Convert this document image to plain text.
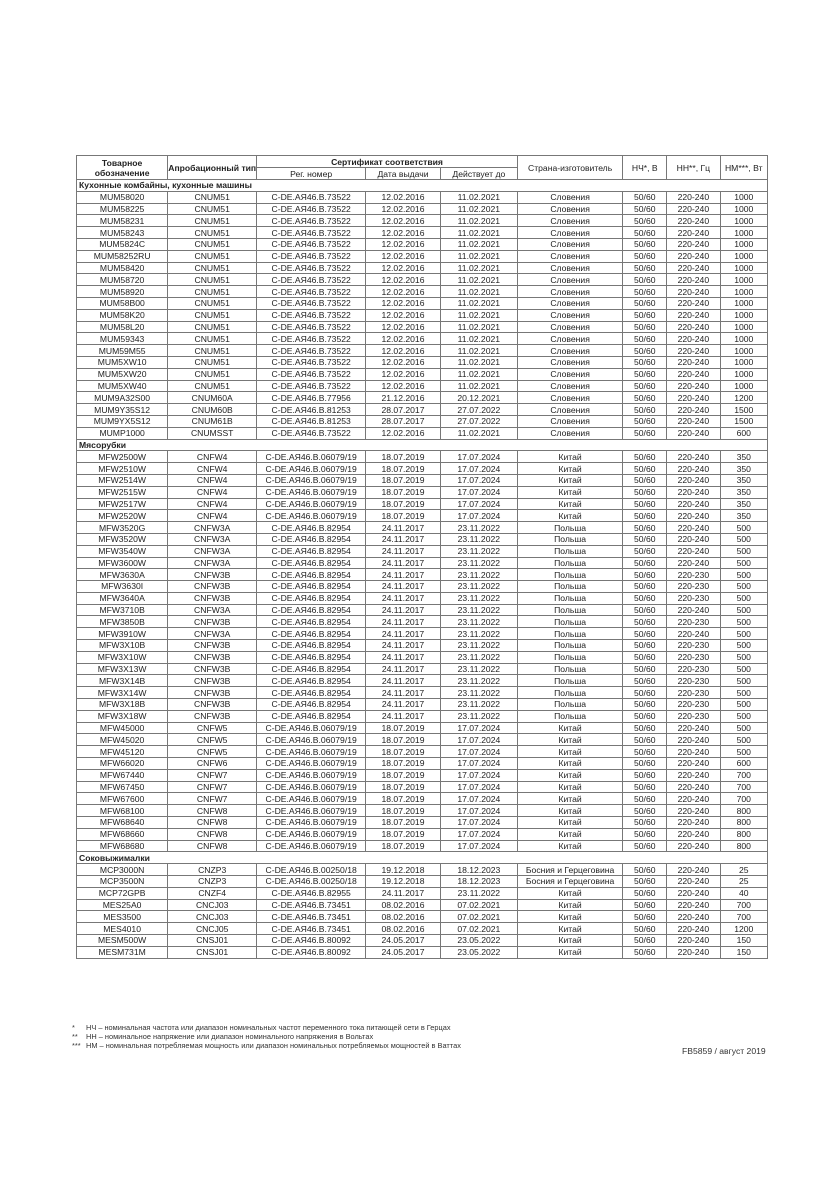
Товарное обозначение	Апробационный тип	Сертификат соответствия			Страна-изготовитель	НЧ*, В	НН**, Гц	НМ***, Вт
		Рег. номер	Дата выдачи	Действует до				
Кухонные комбайны, кухонные машины								
MUM58020	CNUM51	C-DE.AЯ46.B.73522	12.02.2016	11.02.2021	Словения	50/60	220-240	1000
MUM58225	CNUM51	C-DE.AЯ46.B.73522	12.02.2016	11.02.2021	Словения	50/60	220-240	1000
MUM58231	CNUM51	C-DE.AЯ46.B.73522	12.02.2016	11.02.2021	Словения	50/60	220-240	1000
MUM58243	CNUM51	C-DE.AЯ46.B.73522	12.02.2016	11.02.2021	Словения	50/60	220-240	1000
MUM5824C	CNUM51	C-DE.AЯ46.B.73522	12.02.2016	11.02.2021	Словения	50/60	220-240	1000
MUM58252RU	CNUM51	C-DE.AЯ46.B.73522	12.02.2016	11.02.2021	Словения	50/60	220-240	1000
MUM58420	CNUM51	C-DE.AЯ46.B.73522	12.02.2016	11.02.2021	Словения	50/60	220-240	1000
MUM58720	CNUM51	C-DE.AЯ46.B.73522	12.02.2016	11.02.2021	Словения	50/60	220-240	1000
MUM58920	CNUM51	C-DE.AЯ46.B.73522	12.02.2016	11.02.2021	Словения	50/60	220-240	1000
MUM58B00	CNUM51	C-DE.AЯ46.B.73522	12.02.2016	11.02.2021	Словения	50/60	220-240	1000
MUM58K20	CNUM51	C-DE.AЯ46.B.73522	12.02.2016	11.02.2021	Словения	50/60	220-240	1000
MUM58L20	CNUM51	C-DE.AЯ46.B.73522	12.02.2016	11.02.2021	Словения	50/60	220-240	1000
MUM59343	CNUM51	C-DE.AЯ46.B.73522	12.02.2016	11.02.2021	Словения	50/60	220-240	1000
MUM59M55	CNUM51	C-DE.AЯ46.B.73522	12.02.2016	11.02.2021	Словения	50/60	220-240	1000
MUM5XW10	CNUM51	C-DE.AЯ46.B.73522	12.02.2016	11.02.2021	Словения	50/60	220-240	1000
MUM5XW20	CNUM51	C-DE.AЯ46.B.73522	12.02.2016	11.02.2021	Словения	50/60	220-240	1000
MUM5XW40	CNUM51	C-DE.AЯ46.B.73522	12.02.2016	11.02.2021	Словения	50/60	220-240	1000
MUM9A32S00	CNUM60A	C-DE.AЯ46.B.77956	21.12.2016	20.12.2021	Словения	50/60	220-240	1200
MUM9Y35S12	CNUM60B	C-DE.AЯ46.B.81253	28.07.2017	27.07.2022	Словения	50/60	220-240	1500
MUM9YX5S12	CNUM61B	C-DE.AЯ46.B.81253	28.07.2017	27.07.2022	Словения	50/60	220-240	1500
MUMP1000	CNUMSST	C-DE.AЯ46.B.73522	12.02.2016	11.02.2021	Словения	50/60	220-240	600
Мясорубки								
MFW2500W	CNFW4	C-DE.AЯ46.B.06079/19	18.07.2019	17.07.2024	Китай	50/60	220-240	350
MFW2510W	CNFW4	C-DE.AЯ46.B.06079/19	18.07.2019	17.07.2024	Китай	50/60	220-240	350
MFW2514W	CNFW4	C-DE.AЯ46.B.06079/19	18.07.2019	17.07.2024	Китай	50/60	220-240	350
MFW2515W	CNFW4	C-DE.AЯ46.B.06079/19	18.07.2019	17.07.2024	Китай	50/60	220-240	350
MFW2517W	CNFW4	C-DE.AЯ46.B.06079/19	18.07.2019	17.07.2024	Китай	50/60	220-240	350
MFW2520W	CNFW4	C-DE.AЯ46.B.06079/19	18.07.2019	17.07.2024	Китай	50/60	220-240	350
MFW3520G	CNFW3A	C-DE.AЯ46.B.82954	24.11.2017	23.11.2022	Польша	50/60	220-240	500
MFW3520W	CNFW3A	C-DE.AЯ46.B.82954	24.11.2017	23.11.2022	Польша	50/60	220-240	500
MFW3540W	CNFW3A	C-DE.AЯ46.B.82954	24.11.2017	23.11.2022	Польша	50/60	220-240	500
MFW3600W	CNFW3A	C-DE.AЯ46.B.82954	24.11.2017	23.11.2022	Польша	50/60	220-240	500
MFW3630A	CNFW3B	C-DE.AЯ46.B.82954	24.11.2017	23.11.2022	Польша	50/60	220-230	500
MFW3630I	CNFW3B	C-DE.AЯ46.B.82954	24.11.2017	23.11.2022	Польша	50/60	220-230	500
MFW3640A	CNFW3B	C-DE.AЯ46.B.82954	24.11.2017	23.11.2022	Польша	50/60	220-230	500
MFW3710B	CNFW3A	C-DE.AЯ46.B.82954	24.11.2017	23.11.2022	Польша	50/60	220-240	500
MFW3850B	CNFW3B	C-DE.AЯ46.B.82954	24.11.2017	23.11.2022	Польша	50/60	220-230	500
MFW3910W	CNFW3A	C-DE.AЯ46.B.82954	24.11.2017	23.11.2022	Польша	50/60	220-240	500
MFW3X10B	CNFW3B	C-DE.AЯ46.B.82954	24.11.2017	23.11.2022	Польша	50/60	220-230	500
MFW3X10W	CNFW3B	C-DE.AЯ46.B.82954	24.11.2017	23.11.2022	Польша	50/60	220-230	500
MFW3X13W	CNFW3B	C-DE.AЯ46.B.82954	24.11.2017	23.11.2022	Польша	50/60	220-230	500
MFW3X14B	CNFW3B	C-DE.AЯ46.B.82954	24.11.2017	23.11.2022	Польша	50/60	220-230	500
MFW3X14W	CNFW3B	C-DE.AЯ46.B.82954	24.11.2017	23.11.2022	Польша	50/60	220-230	500
MFW3X18B	CNFW3B	C-DE.AЯ46.B.82954	24.11.2017	23.11.2022	Польша	50/60	220-230	500
MFW3X18W	CNFW3B	C-DE.AЯ46.B.82954	24.11.2017	23.11.2022	Польша	50/60	220-230	500
MFW45000	CNFW5	C-DE.AЯ46.B.06079/19	18.07.2019	17.07.2024	Китай	50/60	220-240	500
MFW45020	CNFW5	C-DE.AЯ46.B.06079/19	18.07.2019	17.07.2024	Китай	50/60	220-240	500
MFW45120	CNFW5	C-DE.AЯ46.B.06079/19	18.07.2019	17.07.2024	Китай	50/60	220-240	500
MFW66020	CNFW6	C-DE.AЯ46.B.06079/19	18.07.2019	17.07.2024	Китай	50/60	220-240	600
MFW67440	CNFW7	C-DE.AЯ46.B.06079/19	18.07.2019	17.07.2024	Китай	50/60	220-240	700
MFW67450	CNFW7	C-DE.AЯ46.B.06079/19	18.07.2019	17.07.2024	Китай	50/60	220-240	700
MFW67600	CNFW7	C-DE.AЯ46.B.06079/19	18.07.2019	17.07.2024	Китай	50/60	220-240	700
MFW68100	CNFW8	C-DE.AЯ46.B.06079/19	18.07.2019	17.07.2024	Китай	50/60	220-240	800
MFW68640	CNFW8	C-DE.AЯ46.B.06079/19	18.07.2019	17.07.2024	Китай	50/60	220-240	800
MFW68660	CNFW8	C-DE.AЯ46.B.06079/19	18.07.2019	17.07.2024	Китай	50/60	220-240	800
MFW68680	CNFW8	C-DE.AЯ46.B.06079/19	18.07.2019	17.07.2024	Китай	50/60	220-240	800
Соковыжималки								
MCP3000N	CNZP3	C-DE.AЯ46.B.00250/18	19.12.2018	18.12.2023	Босния и Герцеговина	50/60	220-240	25
MCP3500N	CNZP3	C-DE.AЯ46.B.00250/18	19.12.2018	18.12.2023	Босния и Герцеговина	50/60	220-240	25
MCP72GPB	CNZF4	C-DE.AЯ46.B.82955	24.11.2017	23.11.2022	Китай	50/60	220-240	40
MES25A0	CNCJ03	C-DE.AЯ46.B.73451	08.02.2016	07.02.2021	Китай	50/60	220-240	700
MES3500	CNCJ03	C-DE.AЯ46.B.73451	08.02.2016	07.02.2021	Китай	50/60	220-240	700
MES4010	CNCJ05	C-DE.AЯ46.B.73451	08.02.2016	07.02.2021	Китай	50/60	220-240	1200
MESM500W	CNSJ01	C-DE.AЯ46.B.80092	24.05.2017	23.05.2022	Китай	50/60	220-240	150
MESM731M	CNSJ01	C-DE.AЯ46.B.80092	24.05.2017	23.05.2022	Китай	50/60	220-240	150
*	НЧ – номинальная частота или диапазон номинальных частот переменного тока питающей сети в Герцах
**	НН – номинальное напряжение или диапазон номинального напряжения в Вольтах
*** НМ – номинальная потребляемая мощность или диапазон номинальных потребляемых мощностей в Ваттах
FB5859 / август 2019
